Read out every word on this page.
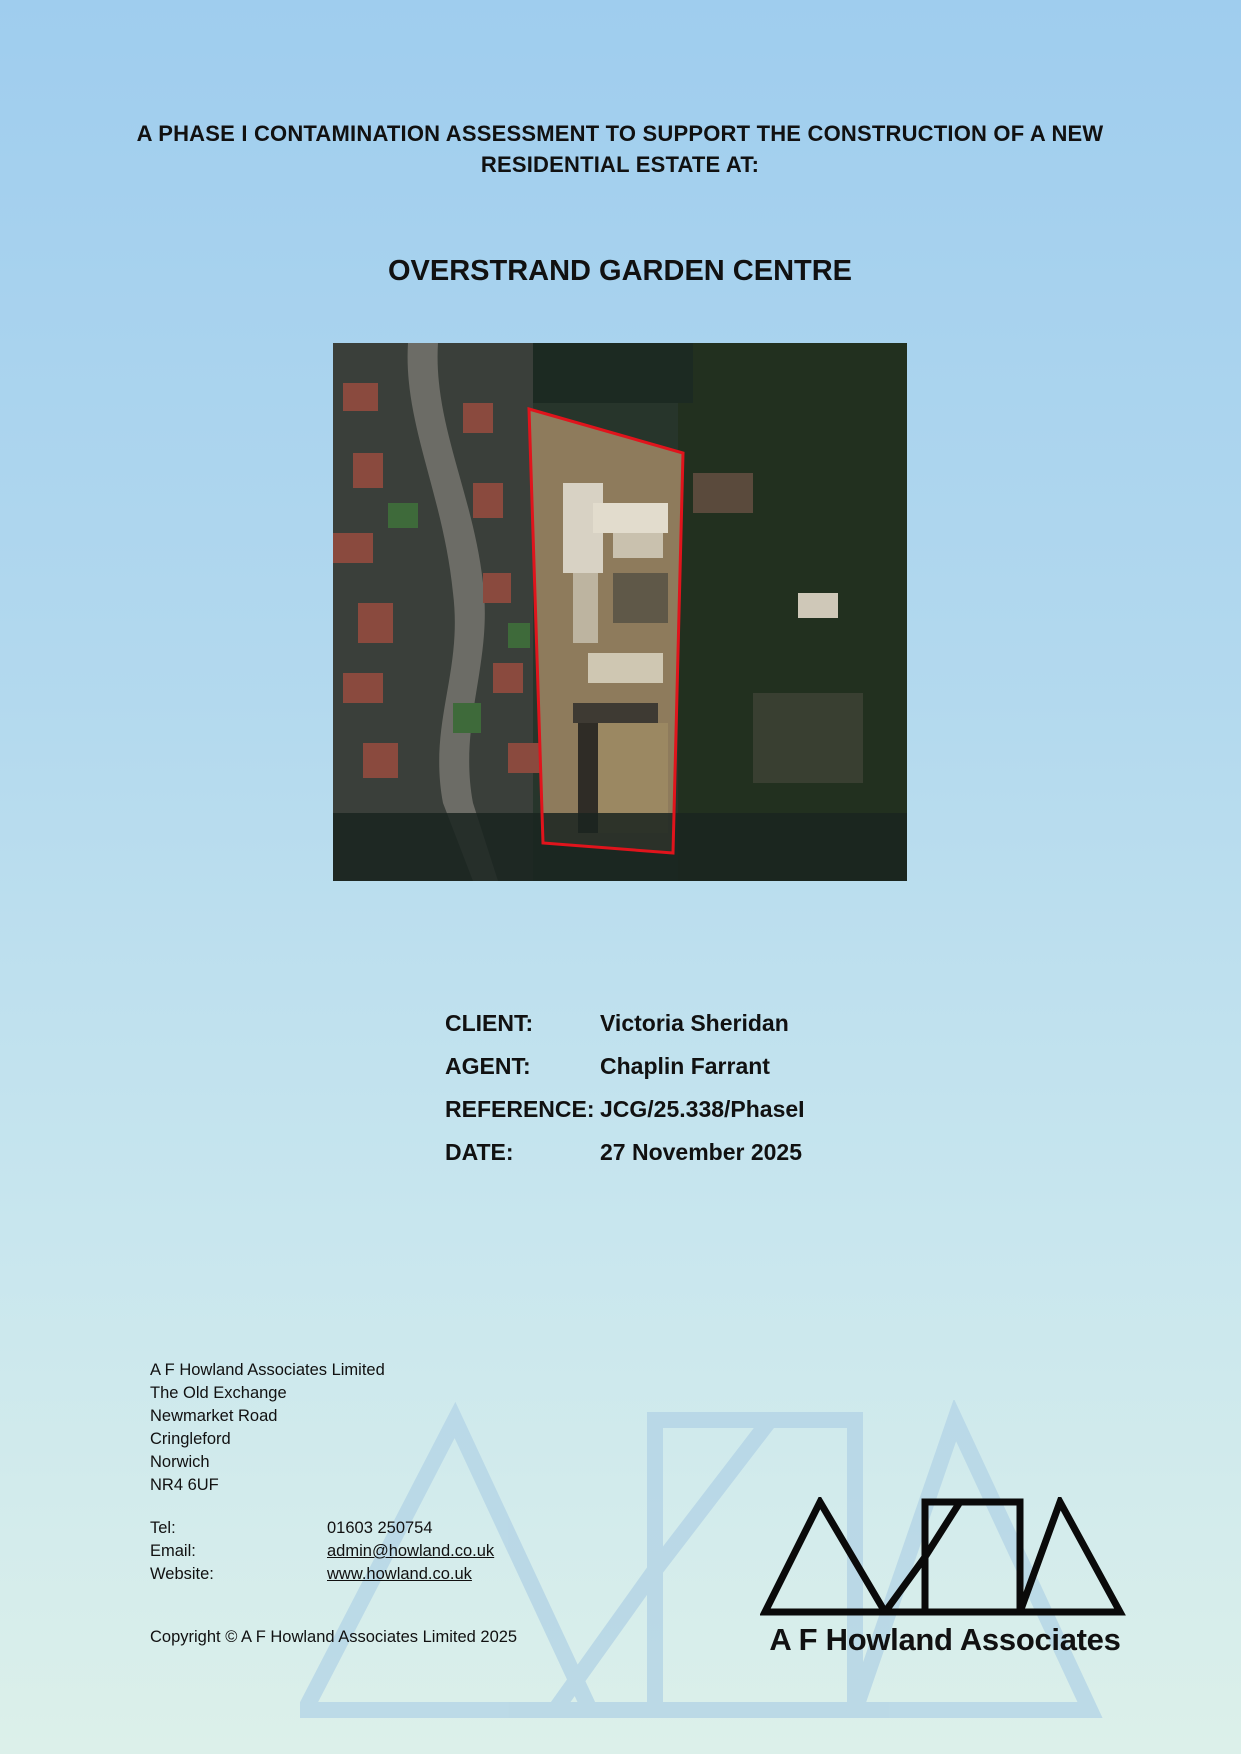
A PHASE I CONTAMINATION ASSESSMENT TO SUPPORT THE CONSTRUCTION OF A NEW
RESIDENTIAL ESTATE AT:
OVERSTRAND GARDEN CENTRE
CLIENT:	Victoria Sheridan
AGENT:	Chaplin Farrant
REFERENCE: JCG/25.338/PhaseI
DATE:	27 November 2025
A F Howland Associates Limited
The Old Exchange
Newmarket Road
Cringleford
Norwich
NR4 6UF
Tel:	01603 250754
Email:	admin@howland.co.uk
Website:	www.howland.co.uk
Copyright © A F Howland Associates Limited 2025	A F Howland Associates
